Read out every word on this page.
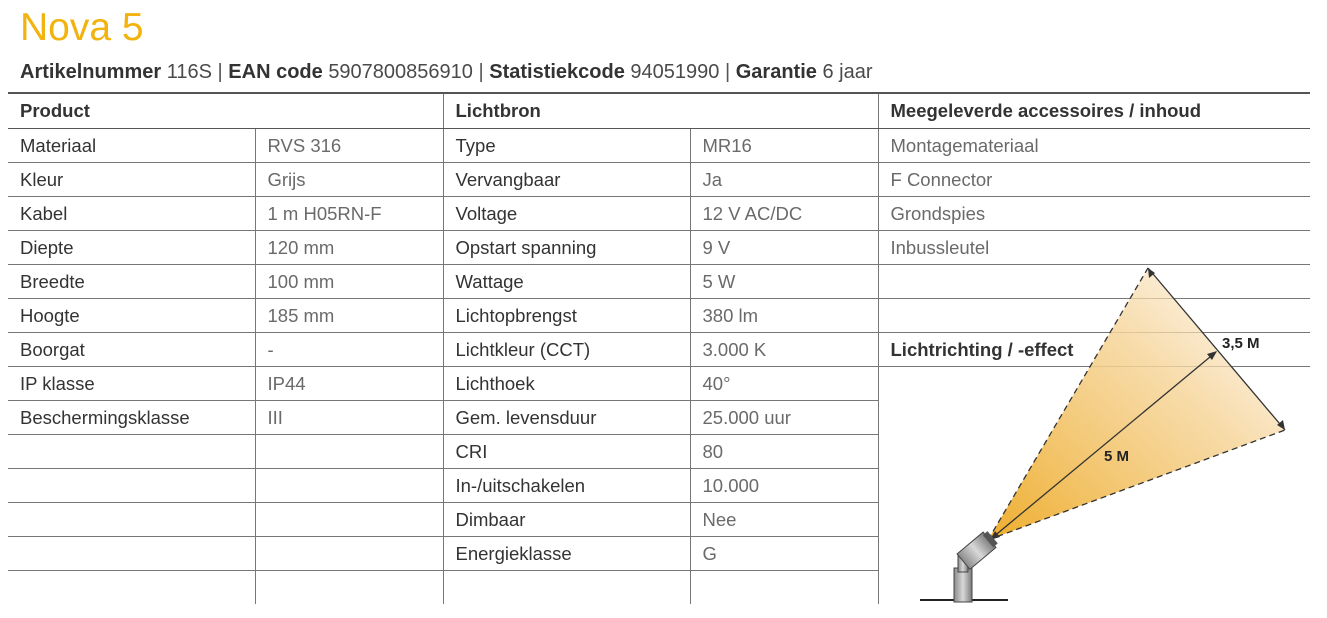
Nova 5
Artikelnummer 116S | EAN code 5907800856910 | Statistiekcode 94051990 | Garantie 6 jaar
Product		Lichtbron		Meegeleverde accessoires / inhoud
Materiaal	RVS 316	Type	MR16	Montagemateriaal
Kleur	Grijs	Vervangbaar	Ja	F Connector
Kabel	1 m H05RN-F	Voltage	12 V AC/DC	Grondspies
Diepte	120 mm	Opstart spanning	9 V	Inbussleutel
Breedte	100 mm	Wattage	5 W	
Hoogte	185 mm	Lichtopbrengst	380 lm	
Boorgat	-	Lichtkleur (CCT)	3.000 K	Lichtrichting / -effect
IP klasse	IP44	Lichthoek	40°	
Beschermingsklasse	III	Gem. levensduur	25.000 uur	
		CRI	80	
		In-/uitschakelen	10.000	
		Dimbaar	Nee	
		Energieklasse	G	

3,5 M
5 M
